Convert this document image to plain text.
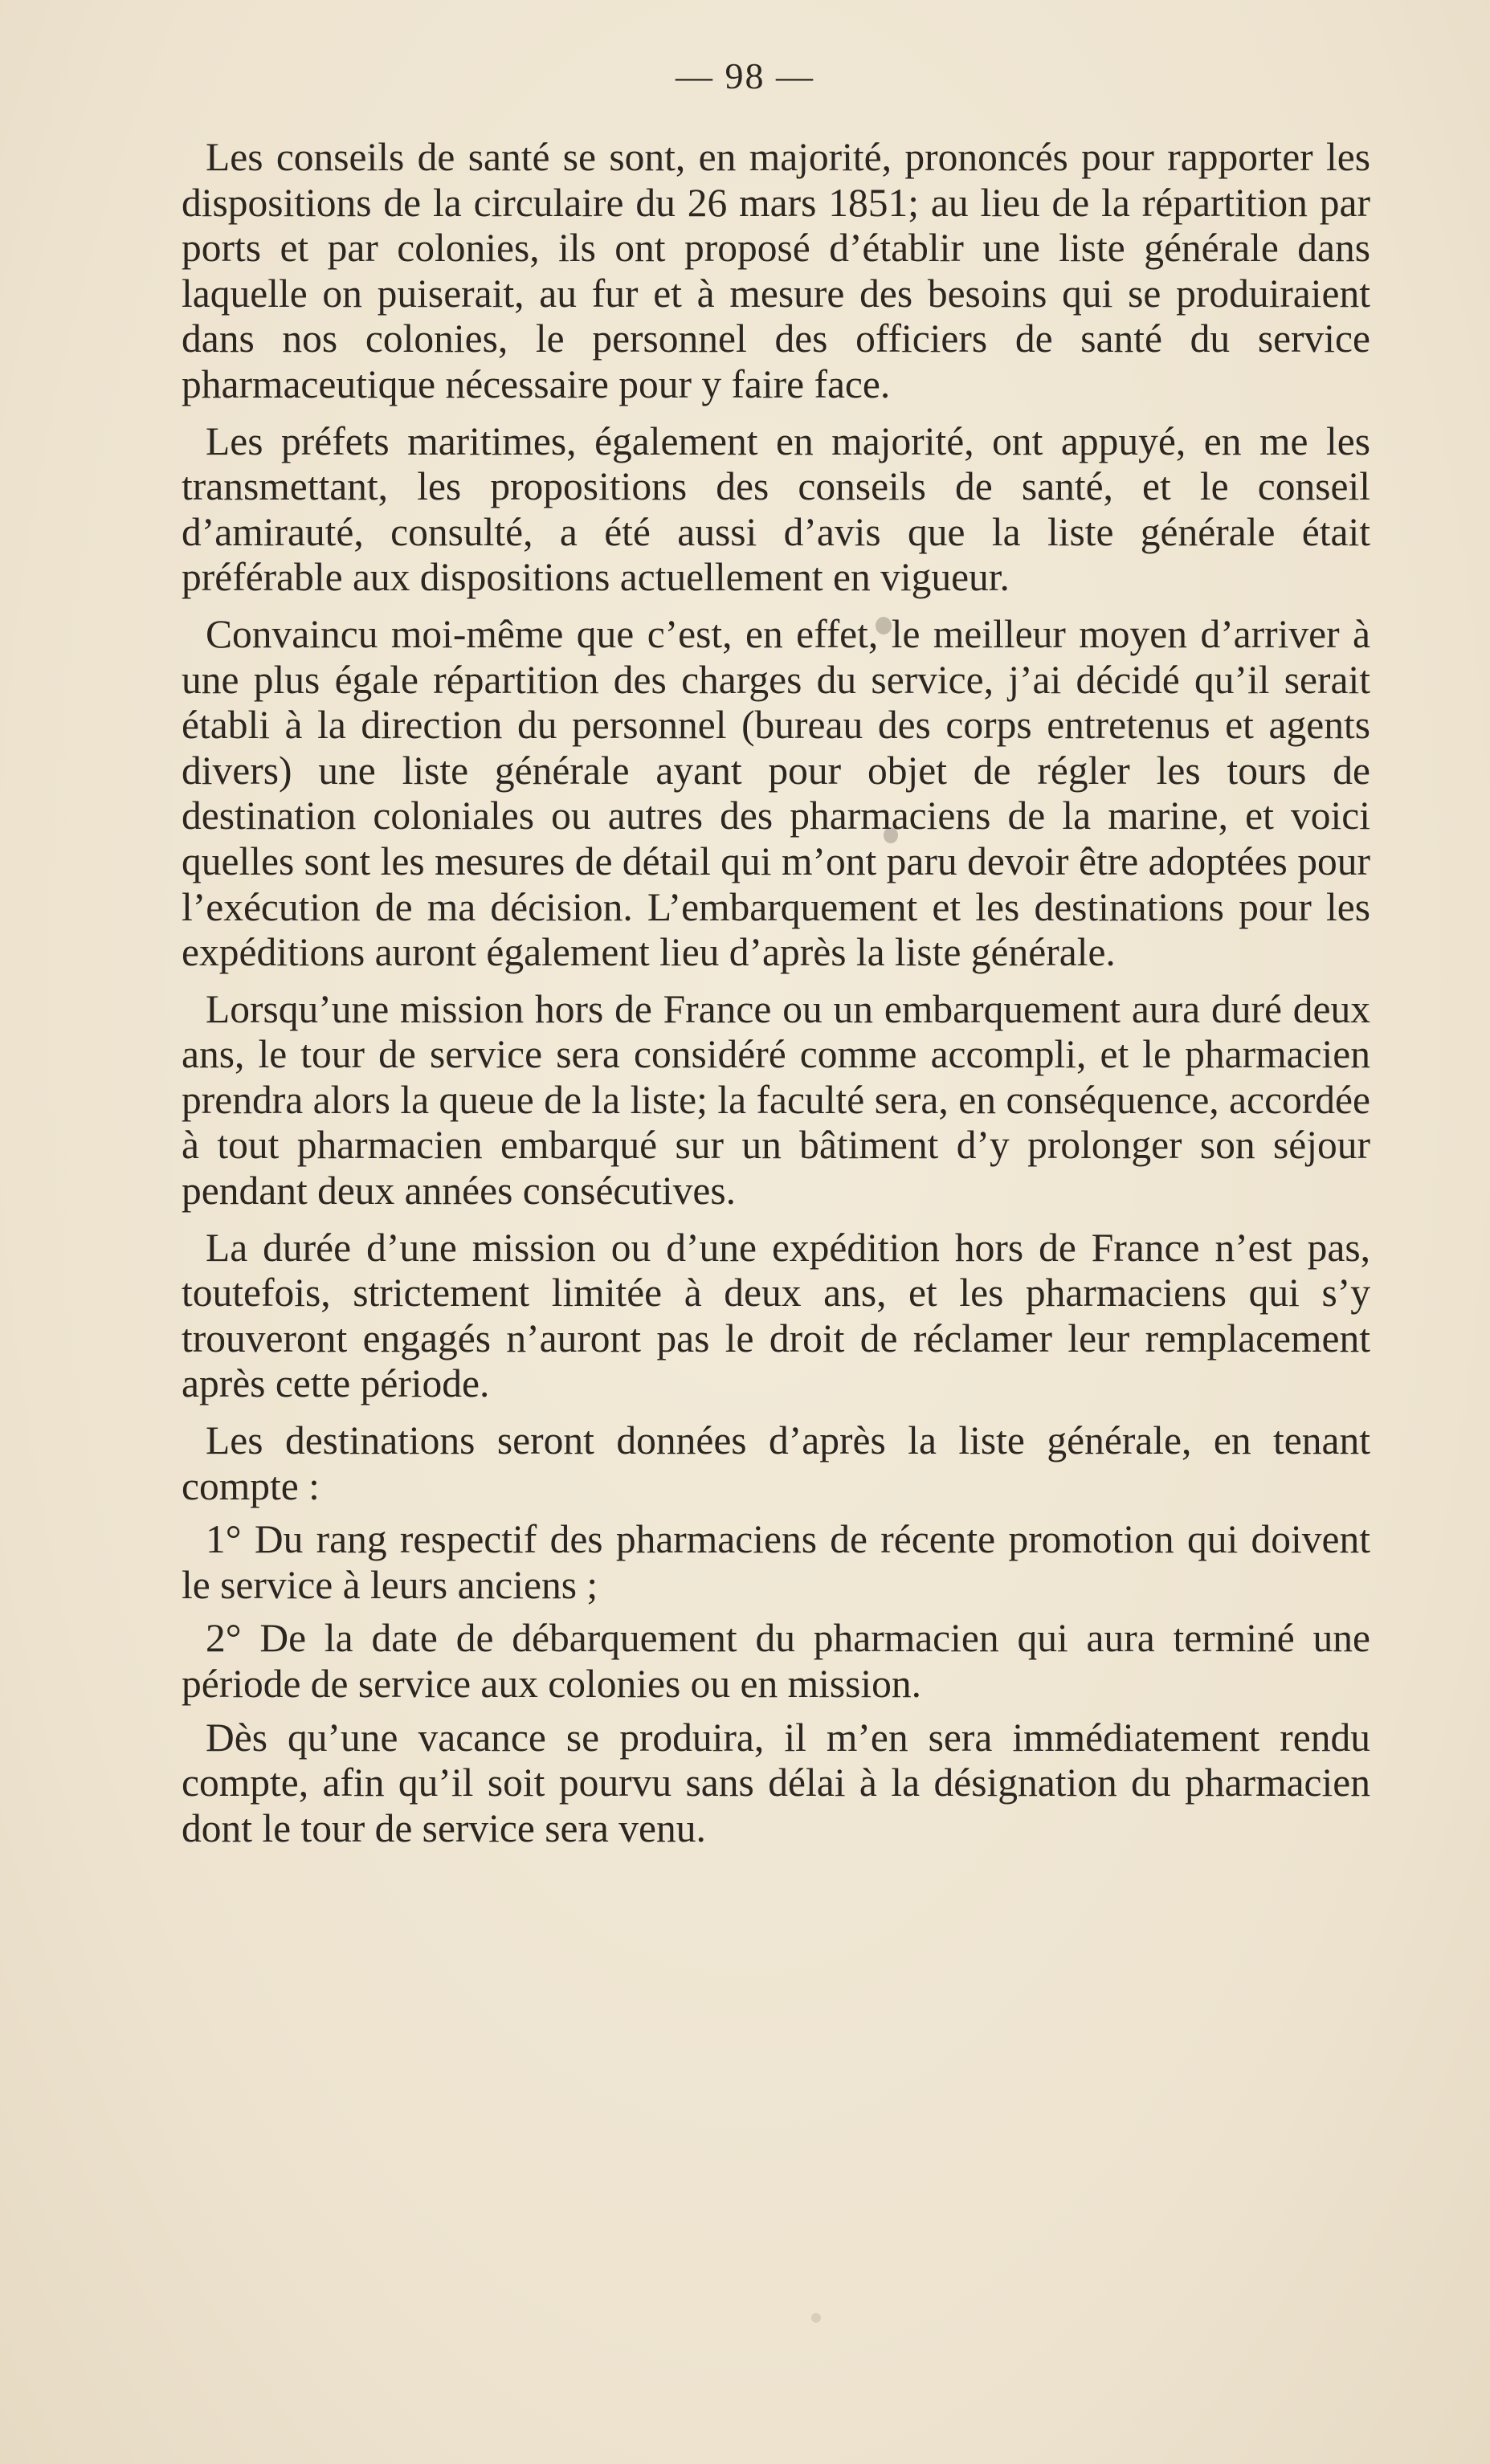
— 98 —

Les conseils de santé se sont, en majorité, prononcés pour rapporter les dispositions de la circulaire du 26 mars 1851; au lieu de la répartition par ports et par colonies, ils ont proposé d’établir une liste générale dans laquelle on puiserait, au fur et à mesure des besoins qui se produiraient dans nos colonies, le personnel des officiers de santé du service pharmaceutique nécessaire pour y faire face.

Les préfets maritimes, également en majorité, ont appuyé, en me les transmettant, les propositions des conseils de santé, et le conseil d’amirauté, consulté, a été aussi d’avis que la liste générale était préférable aux dispositions actuellement en vigueur.

Convaincu moi-même que c’est, en effet, le meilleur moyen d’arriver à une plus égale répartition des charges du service, j’ai décidé qu’il serait établi à la direction du personnel (bureau des corps entretenus et agents divers) une liste générale ayant pour objet de régler les tours de destination coloniales ou autres des pharmaciens de la marine, et voici quelles sont les mesures de détail qui m’ont paru devoir être adoptées pour l’exécution de ma décision. L’embarquement et les destinations pour les expéditions auront également lieu d’après la liste générale.

Lorsqu’une mission hors de France ou un embarquement aura duré deux ans, le tour de service sera considéré comme accompli, et le pharmacien prendra alors la queue de la liste; la faculté sera, en conséquence, accordée à tout pharmacien embarqué sur un bâtiment d’y prolonger son séjour pendant deux années consécutives.

La durée d’une mission ou d’une expédition hors de France n’est pas, toutefois, strictement limitée à deux ans, et les pharmaciens qui s’y trouveront engagés n’auront pas le droit de réclamer leur remplacement après cette période.

Les destinations seront données d’après la liste générale, en tenant compte :

1° Du rang respectif des pharmaciens de récente promotion qui doivent le service à leurs anciens ;

2° De la date de débarquement du pharmacien qui aura terminé une période de service aux colonies ou en mission.

Dès qu’une vacance se produira, il m’en sera immédiatement rendu compte, afin qu’il soit pourvu sans délai à la désignation du pharmacien dont le tour de service sera venu.
